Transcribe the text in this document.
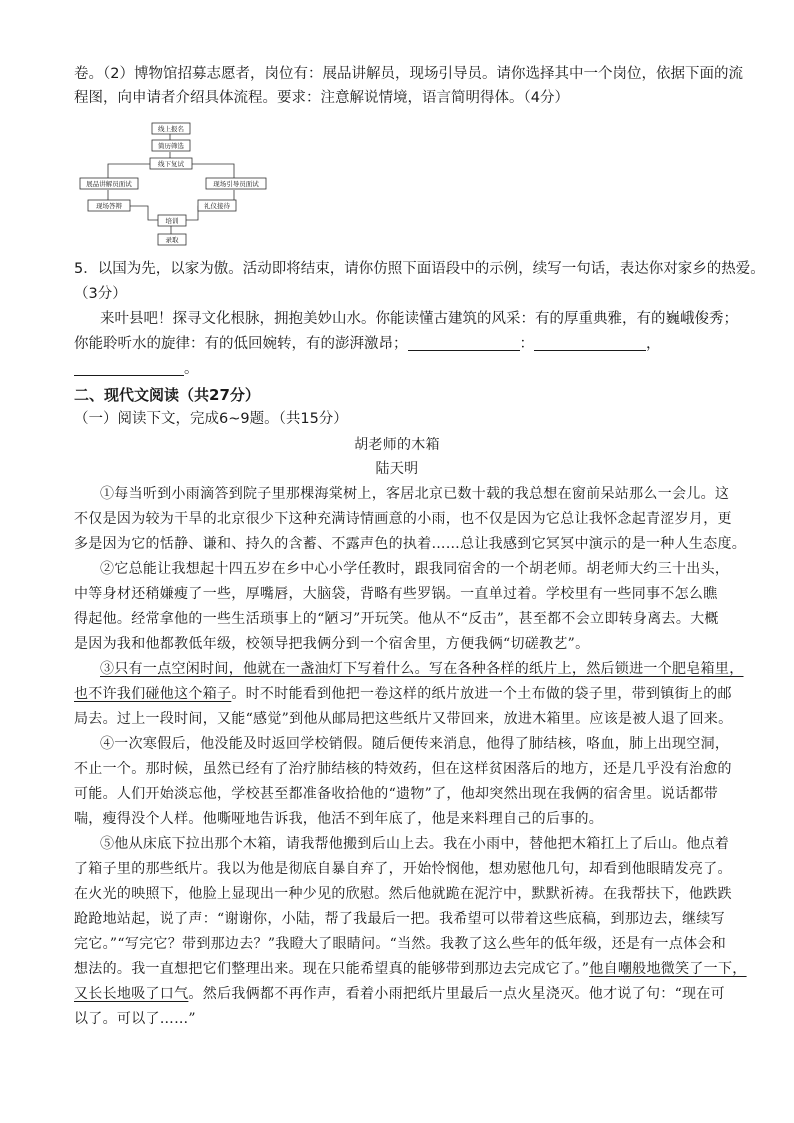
卷。（2）博物馆招募志愿者，岗位有：展品讲解员，现场引导员。请你选择其中一个岗位，依据下面的流
程图，向申请者介绍具体流程。要求：注意解说情境，语言简明得体。（4分）
线上报名
简历筛选
线下复试
展品讲解员面试	现场引导员面试
现场答辩	礼仪接待
培训
录取
5．以国为先，以家为傲。活动即将结束，请你仿照下面语段中的示例，续写一句话，表达你对家乡的热爱。
（3分）
来叶县吧！探寻文化根脉，拥抱美妙山水。你能读懂古建筑的风采：有的厚重典雅，有的巍峨俊秀；
你能聆听水的旋律：有的低回婉转，有的澎湃激昂；	：	，
。
二、现代文阅读（共27分）
（一）阅读下文，完成6~9题。（共15分）
胡老师的木箱
陆天明
①每当听到小雨滴答到院子里那棵海棠树上，客居北京已数十载的我总想在窗前呆站那么一会儿。这
不仅是因为较为干旱的北京很少下这种充满诗情画意的小雨，也不仅是因为它总让我怀念起青涩岁月，更
多是因为它的恬静、谦和、持久的含蓄、不露声色的执着……总让我感到它冥冥中演示的是一种人生态度。
②它总能让我想起十四五岁在乡中心小学任教时，跟我同宿舍的一个胡老师。胡老师大约三十出头，
中等身材还稍嫌瘦了一些，厚嘴唇，大脑袋，背略有些罗锅。一直单过着。学校里有一些同事不怎么瞧
得起他。经常拿他的一些生活琐事上的“陋习”开玩笑。他从不“反击”，甚至都不会立即转身离去。大概
是因为我和他都教低年级，校领导把我俩分到一个宿舍里，方便我俩“切磋教艺”。
③只有一点空闲时间，他就在一盏油灯下写着什么。写在各种各样的纸片上，然后锁进一个肥皂箱里，
也不许我们碰他这个箱子。时不时能看到他把一卷这样的纸片放进一个土布做的袋子里，带到镇街上的邮
局去。过上一段时间，又能“感觉”到他从邮局把这些纸片又带回来，放进木箱里。应该是被人退了回来。
④一次寒假后，他没能及时返回学校销假。随后便传来消息，他得了肺结核，咯血，肺上出现空洞，
不止一个。那时候，虽然已经有了治疗肺结核的特效药，但在这样贫困落后的地方，还是几乎没有治愈的
可能。人们开始淡忘他，学校甚至都准备收拾他的“遗物”了，他却突然出现在我俩的宿舍里。说话都带
喘，瘦得没个人样。他嘶哑地告诉我，他活不到年底了，他是来料理自己的后事的。
⑤他从床底下拉出那个木箱，请我帮他搬到后山上去。我在小雨中，替他把木箱扛上了后山。他点着
了箱子里的那些纸片。我以为他是彻底自暴自弃了，开始怜悯他，想劝慰他几句，却看到他眼睛发亮了。
在火光的映照下，他脸上显现出一种少见的欣慰。然后他就跪在泥泞中，默默祈祷。在我帮扶下，他跌跌
跄跄地站起，说了声：“谢谢你，小陆，帮了我最后一把。我希望可以带着这些底稿，到那边去，继续写
完它。”“写完它？带到那边去？”我瞪大了眼睛问。“当然。我教了这么些年的低年级，还是有一点体会和
想法的。我一直想把它们整理出来。现在只能希望真的能够带到那边去完成它了。”他自嘲般地微笑了一下，
又长长地吸了口气。然后我俩都不再作声，看着小雨把纸片里最后一点火星浇灭。他才说了句：“现在可
以了。可以了……”
